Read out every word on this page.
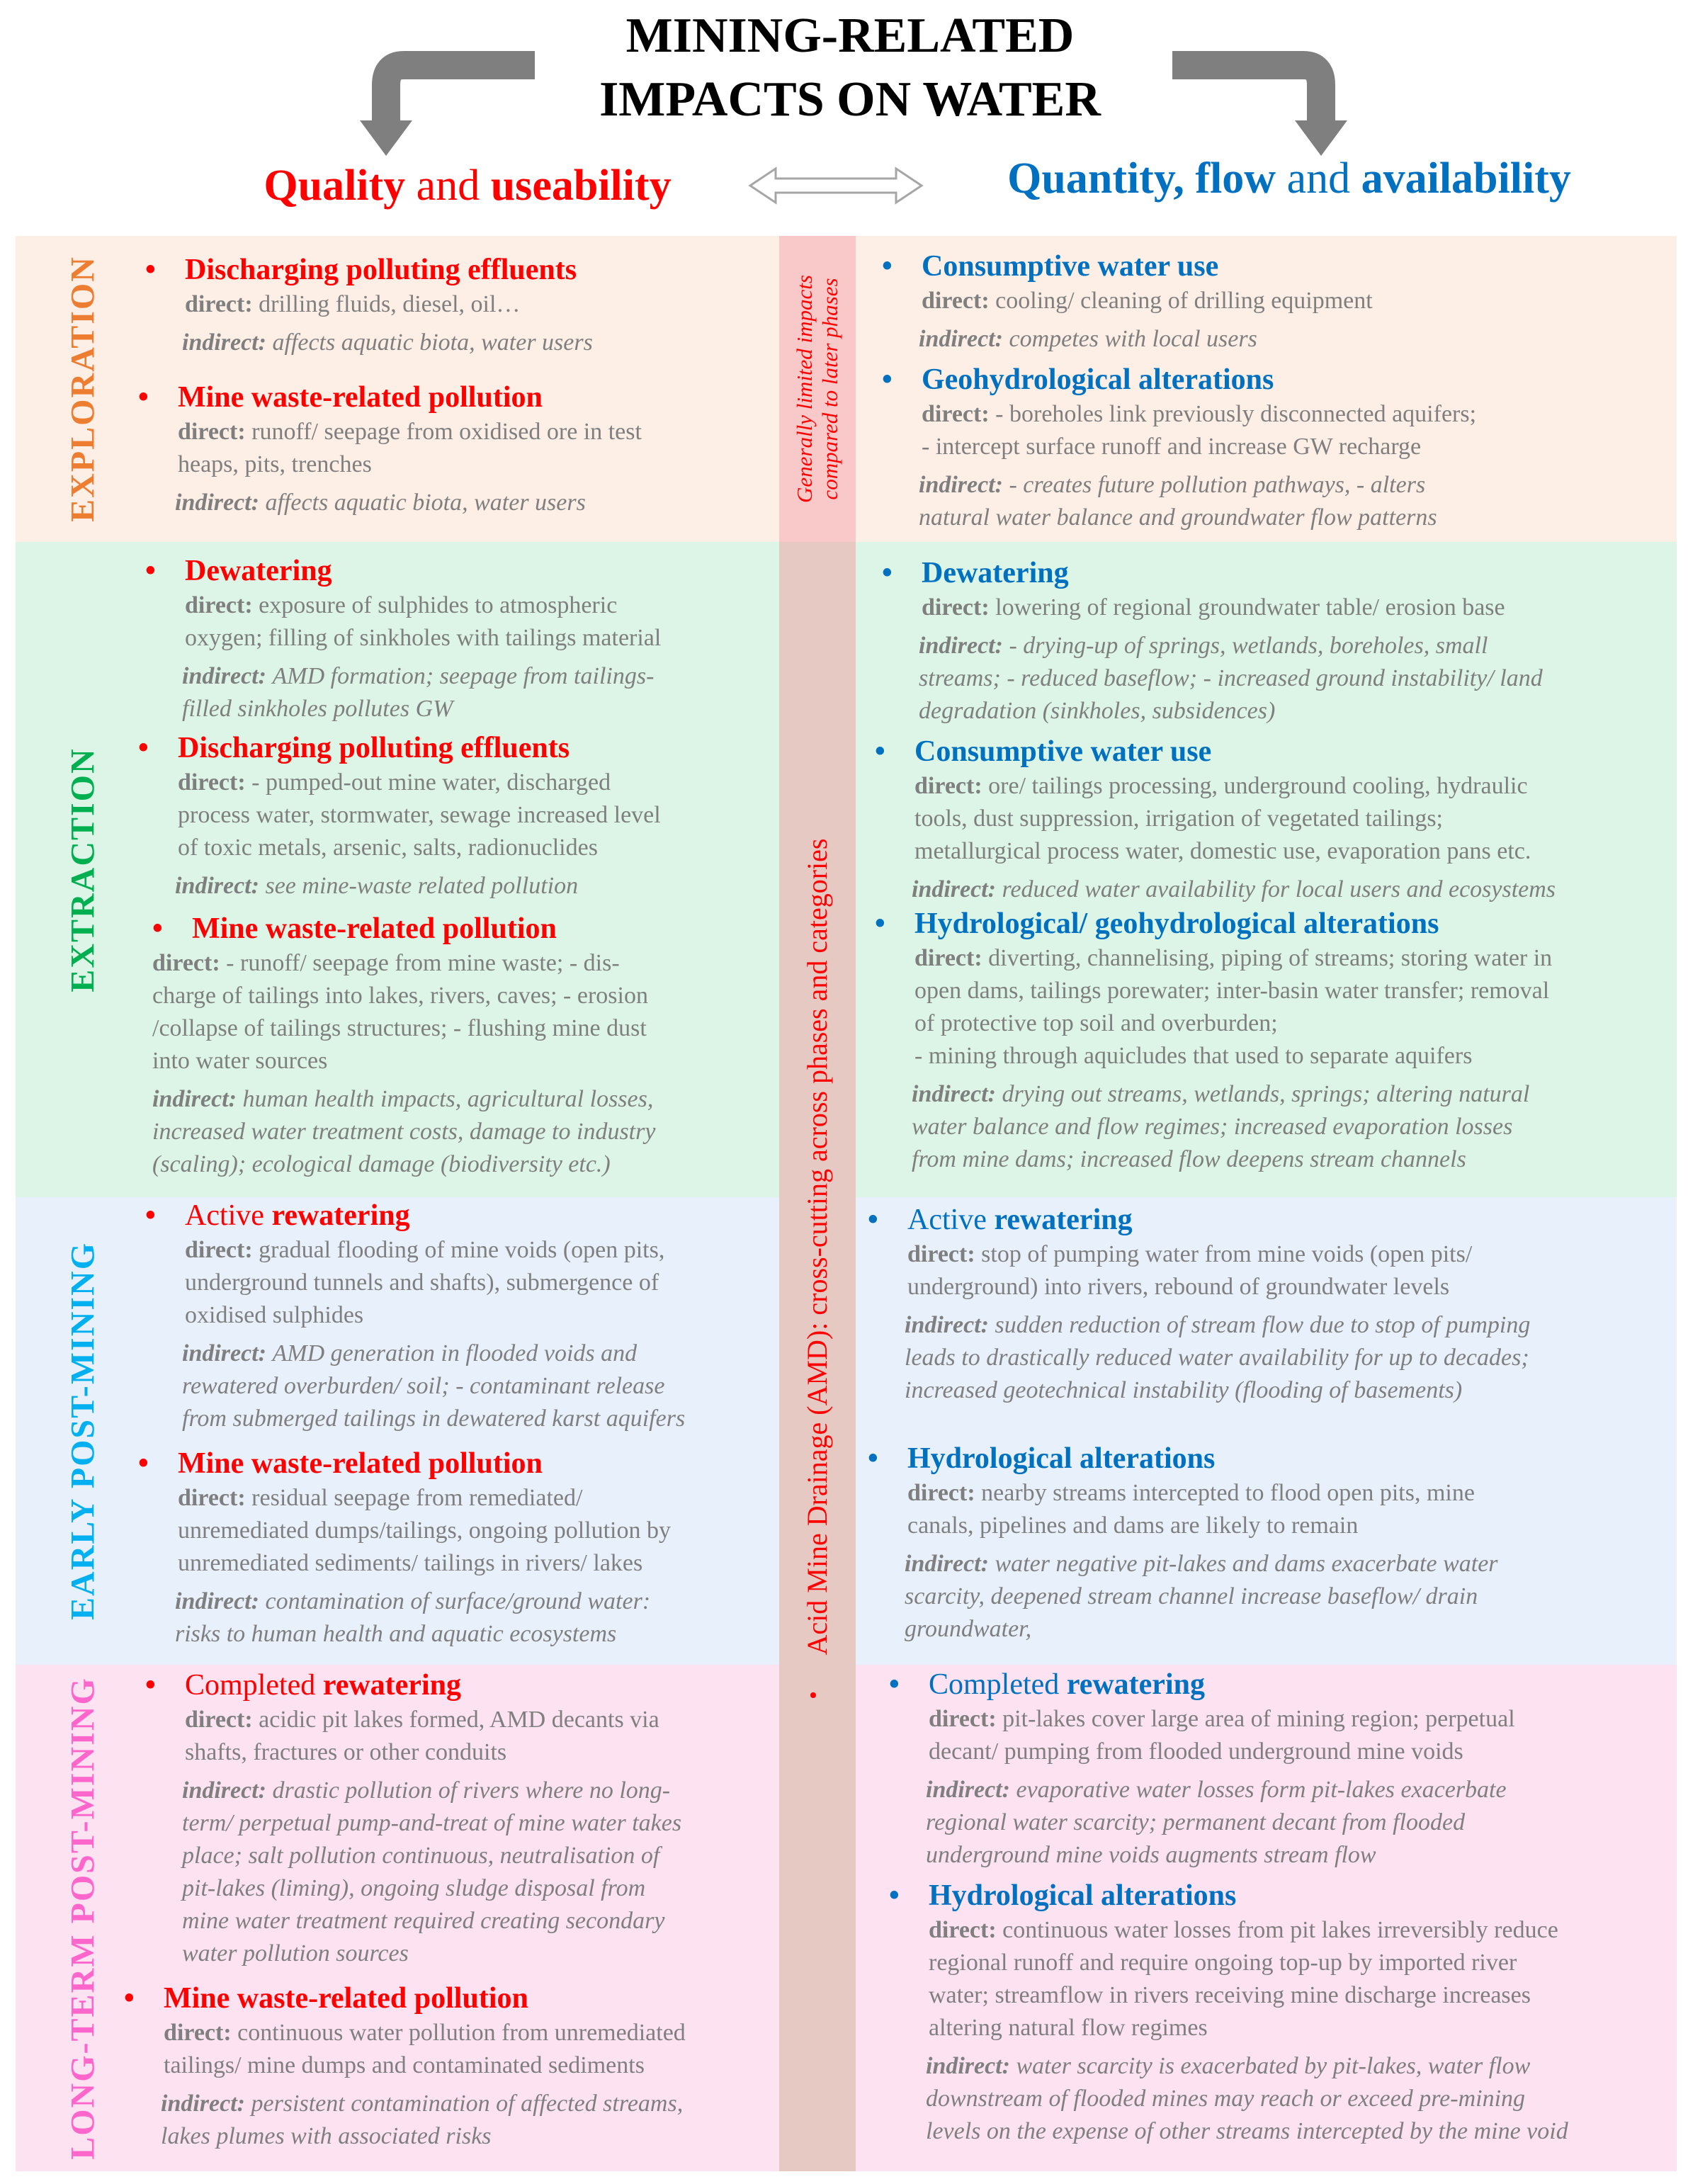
MINING-RELATED
IMPACTS ON WATER
Quality and useability	Quantity, flow and availability
Generally limited impacts compared to later phases
Acid Mine Drainage (AMD): cross-cutting across phases and categories
•
EXPLORATION
EXTRACTION
EARLY POST-MINING
LONG-TERM POST-MINING
• Discharging polluting effluents

direct: drilling fluids, diesel, oil…

indirect: affects aquatic biota, water users

• Mine waste-related pollution

direct: runoff/ seepage from oxidised ore in test
heaps, pits, trenches

indirect: affects aquatic biota, water users

• Consumptive water use

direct: cooling/ cleaning of drilling equipment

indirect: competes with local users

• Geohydrological alterations

direct: - boreholes link previously disconnected aquifers;
- intercept surface runoff and increase GW recharge

indirect: - creates future pollution pathways, - alters
natural water balance and groundwater flow patterns

• Dewatering

direct: exposure of sulphides to atmospheric
oxygen; filling of sinkholes with tailings material

indirect: AMD formation; seepage from tailings-
filled sinkholes pollutes GW

• Discharging polluting effluents

direct: - pumped-out mine water, discharged
process water, stormwater, sewage increased level
of toxic metals, arsenic, salts, radionuclides

indirect: see mine-waste related pollution

• Mine waste-related pollution

direct: - runoff/ seepage from mine waste; - dis-
charge of tailings into lakes, rivers, caves; - erosion
/collapse of tailings structures; - flushing mine dust
into water sources

indirect: human health impacts, agricultural losses,
increased water treatment costs, damage to industry
(scaling); ecological damage (biodiversity etc.)

• Dewatering

direct: lowering of regional groundwater table/ erosion base

indirect: - drying-up of springs, wetlands, boreholes, small
streams; - reduced baseflow; - increased ground instability/ land
degradation (sinkholes, subsidences)

• Consumptive water use

direct: ore/ tailings processing, underground cooling, hydraulic
tools, dust suppression, irrigation of vegetated tailings;
metallurgical process water, domestic use, evaporation pans etc.

indirect: reduced water availability for local users and ecosystems

• Hydrological/ geohydrological alterations

direct: diverting, channelising, piping of streams; storing water in
open dams, tailings porewater; inter-basin water transfer; removal
of protective top soil and overburden;
- mining through aquicludes that used to separate aquifers

indirect: drying out streams, wetlands, springs; altering natural
water balance and flow regimes; increased evaporation losses
from mine dams; increased flow deepens stream channels

• Active rewatering

direct: gradual flooding of mine voids (open pits,
underground tunnels and shafts), submergence of
oxidised sulphides

indirect: AMD generation in flooded voids and
rewatered overburden/ soil; - contaminant release
from submerged tailings in dewatered karst aquifers

• Mine waste-related pollution

direct: residual seepage from remediated/
unremediated dumps/tailings, ongoing pollution by
unremediated sediments/ tailings in rivers/ lakes

indirect: contamination of surface/ground water:
risks to human health and aquatic ecosystems

• Active rewatering

direct: stop of pumping water from mine voids (open pits/
underground) into rivers, rebound of groundwater levels

indirect: sudden reduction of stream flow due to stop of pumping
leads to drastically reduced water availability for up to decades;
increased geotechnical instability (flooding of basements)

• Hydrological alterations

direct: nearby streams intercepted to flood open pits, mine
canals, pipelines and dams are likely to remain

indirect: water negative pit-lakes and dams exacerbate water
scarcity, deepened stream channel increase baseflow/ drain
groundwater,

• Completed rewatering

direct: acidic pit lakes formed, AMD decants via
shafts, fractures or other conduits

indirect: drastic pollution of rivers where no long-
term/ perpetual pump-and-treat of mine water takes
place; salt pollution continuous, neutralisation of
pit-lakes (liming), ongoing sludge disposal from
mine water treatment required creating secondary
water pollution sources

• Mine waste-related pollution

direct: continuous water pollution from unremediated
tailings/ mine dumps and contaminated sediments

indirect: persistent contamination of affected streams,
lakes plumes with associated risks

• Completed rewatering

direct: pit-lakes cover large area of mining region; perpetual
decant/ pumping from flooded underground mine voids

indirect: evaporative water losses form pit-lakes exacerbate
regional water scarcity; permanent decant from flooded
underground mine voids augments stream flow

• Hydrological alterations

direct: continuous water losses from pit lakes irreversibly reduce
regional runoff and require ongoing top-up by imported river
water; streamflow in rivers receiving mine discharge increases
altering natural flow regimes

indirect: water scarcity is exacerbated by pit-lakes, water flow
downstream of flooded mines may reach or exceed pre-mining
levels on the expense of other streams intercepted by the mine void
